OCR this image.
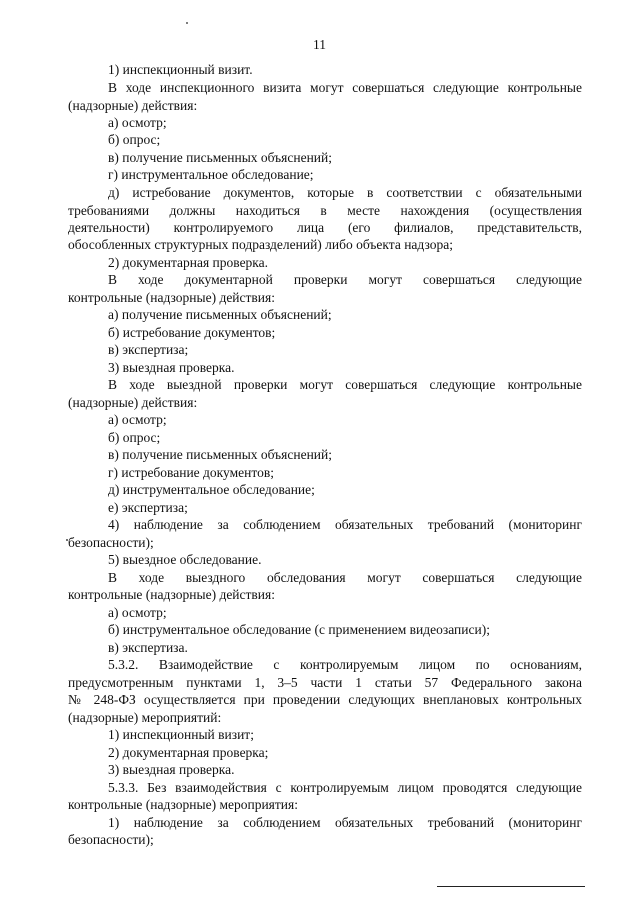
11

1) инспекционный визит.

В ходе инспекционного визита могут совершаться следующие контрольные

(надзорные) действия:

а) осмотр;

б) опрос;

в) получение письменных объяснений;

г) инструментальное обследование;

д) истребование документов, которые в соответствии с обязательными

требованиями должны находиться в месте нахождения (осуществления

деятельности) контролируемого лица (его филиалов, представительств,

обособленных структурных подразделений) либо объекта надзора;

2) документарная проверка.

В ходе документарной проверки могут совершаться следующие

контрольные (надзорные) действия:

а) получение письменных объяснений;

б) истребование документов;

в) экспертиза;

3) выездная проверка.

В ходе выездной проверки могут совершаться следующие контрольные

(надзорные) действия:

а) осмотр;

б) опрос;

в) получение письменных объяснений;

г) истребование документов;

д) инструментальное обследование;

е) экспертиза;

4) наблюдение за соблюдением обязательных требований (мониторинг

безопасности);

5) выездное обследование.

В ходе выездного обследования могут совершаться следующие

контрольные (надзорные) действия:

а) осмотр;

б) инструментальное обследование (с применением видеозаписи);

в) экспертиза.

5.3.2. Взаимодействие с контролируемым лицом по основаниям,

предусмотренным пунктами 1, 3–5 части 1 статьи 57 Федерального закона

№ 248-ФЗ осуществляется при проведении следующих внеплановых контрольных

(надзорные) мероприятий:

1) инспекционный визит;

2) документарная проверка;

3) выездная проверка.

5.3.3. Без взаимодействия с контролируемым лицом проводятся следующие

контрольные (надзорные) мероприятия:

1) наблюдение за соблюдением обязательных требований (мониторинг

безопасности);
